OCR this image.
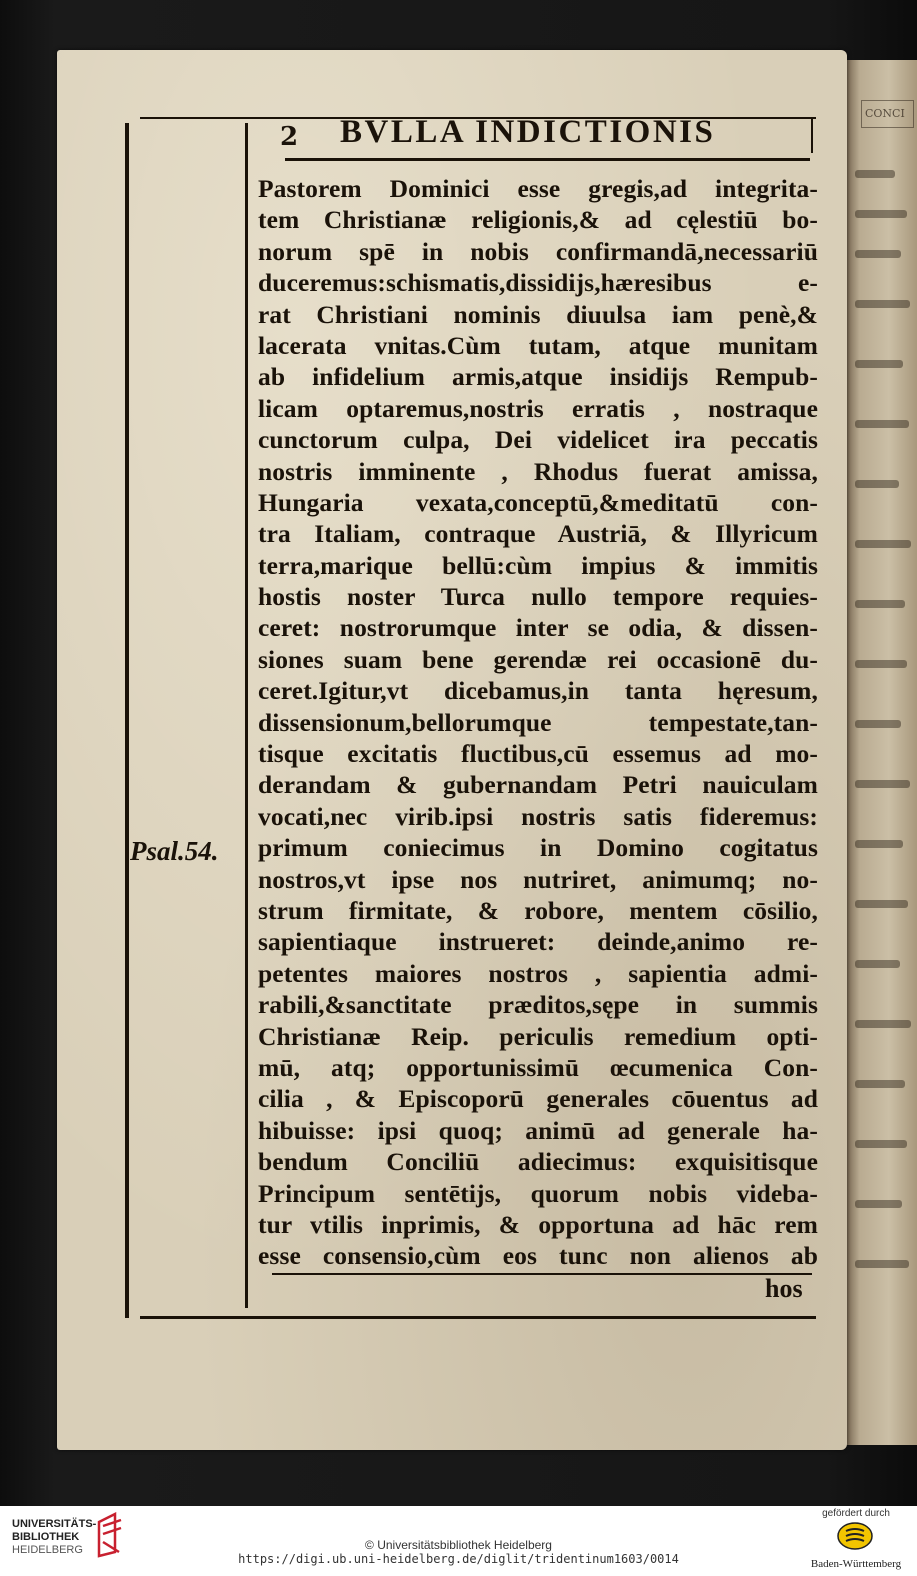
CONCI
2 BVLLA INDICTIONIS
Psal.54.
Pastorem Dominici esse gregis,ad integrita-
tem Christianæ religionis,& ad cęlestiū bo-
norum spē in nobis confirmandā,necessariū
duceremus:schismatis,dissidijs,hæresibus e-
rat Christiani nominis diuulsa iam penè,&
lacerata vnitas.Cùm tutam, atque munitam
ab infidelium armis,atque insidijs Rempub-
licam optaremus,nostris erratis , nostraque
cunctorum culpa, Dei videlicet ira peccatis
nostris imminente , Rhodus fuerat amissa,
Hungaria vexata,conceptū,&meditatū con-
tra Italiam, contraque Austriā, & Illyricum
terra,marique bellū:cùm impius & immitis
hostis noster Turca nullo tempore requies-
ceret: nostrorumque inter se odia, & dissen-
siones suam bene gerendæ rei occasionē du-
ceret.Igitur,vt dicebamus,in tanta hęresum,
dissensionum,bellorumque tempestate,tan-
tisque excitatis fluctibus,cū essemus ad mo-
derandam & gubernandam Petri nauiculam
vocati,nec virib.ipsi nostris satis fideremus:
primum coniecimus in Domino cogitatus
nostros,vt ipse nos nutriret, animumq; no-
strum firmitate, & robore, mentem cōsilio,
sapientiaque instrueret: deinde,animo re-
petentes maiores nostros , sapientia admi-
rabili,&sanctitate præditos,sępe in summis
Christianæ Reip. periculis remedium opti-
mū, atq; opportunissimū œcumenica Con-
cilia , & Episcoporū generales cōuentus ad
hibuisse: ipsi quoq; animū ad generale ha-
bendum Conciliū adiecimus: exquisitisque
Principum sentētijs, quorum nobis videba-
tur vtilis inprimis, & opportuna ad hāc rem
esse consensio,cùm eos tunc non alienos ab
hos
UNIVERSITÄTS-
BIBLIOTHEK
HEIDELBERG	© Universitätsbibliothek Heidelberg
https://digi.ub.uni-heidelberg.de/diglit/tridentinum1603/0014
gefördert durch
Baden-Württemberg
